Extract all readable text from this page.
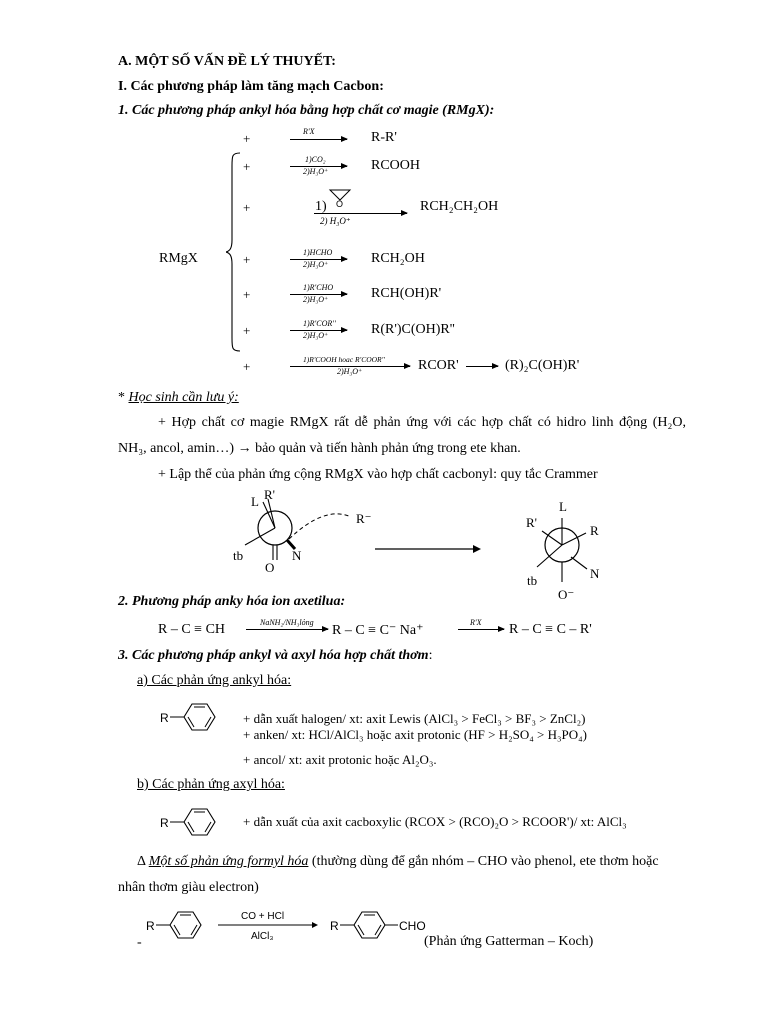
A. MỘT SỐ VẤN ĐỀ LÝ THUYẾT:
I. Các phương pháp làm tăng mạch Cacbon:
1. Các phương pháp ankyl hóa bằng hợp chất cơ magie (RMgX):
RMgX
+	R'X → R-R'
+	1)CO₂
2)H₃O⁺	RCOOH
+	1) O
2) H₃O⁺
RCH₂CH₂OH
+	1)HCHO
2)H₃O⁺	RCH₂OH
+	1)R'CHO
2)H₃O⁺	RCH(OH)R'
+	1)R'COR''
2)H₃O⁺	R(R')C(OH)R''
+	1)R'COOH hoac R'COOR''
2)H₃O⁺	RCOR' → (R)₂C(OH)R'
* Học sinh cần lưu ý:
+ Hợp chất cơ magie RMgX rất dễ phản ứng với các hợp chất có hidro linh động (H₂O,
NH₃, ancol, amin…) → bảo quản và tiến hành phản ứng trong ete khan.
+ Lập thể của phản ứng cộng RMgX vào hợp chất cacbonyl: quy tắc Crammer
L R'
tb
O
N
R⁻
L
R'
R
tb	N
O⁻
2. Phương pháp anky hóa ion axetilua:
R – C ≡ CH	NaNH₂/NH₃lỏng
R – C ≡ C⁻ Na⁺
R'X R – C ≡ C – R'
3. Các phương pháp ankyl và axyl hóa hợp chất thơm:
a) Các phản ứng ankyl hóa:
R	+ dẫn xuất halogen/ xt: axit Lewis (AlCl₃ > FeCl₃ > BF₃ > ZnCl₂)
+ anken/ xt: HCl/AlCl₃ hoặc axit protonic (HF > H₂SO₄ > H₃PO₄)
+ ancol/ xt: axit protonic hoặc Al₂O₃.
b) Các phản ứng axyl hóa:
R	+ dẫn xuất của axit cacboxylic (RCOX > (RCO)₂O > RCOOR')/ xt: AlCl₃
Δ Một số phản ứng formyl hóa (thường dùng để gắn nhóm – CHO vào phenol, ete thơm hoặc
nhân thơm giàu electron)
R
CO + HCl
AlCl₃
R	CHO
-	(Phản ứng Gatterman – Koch)
